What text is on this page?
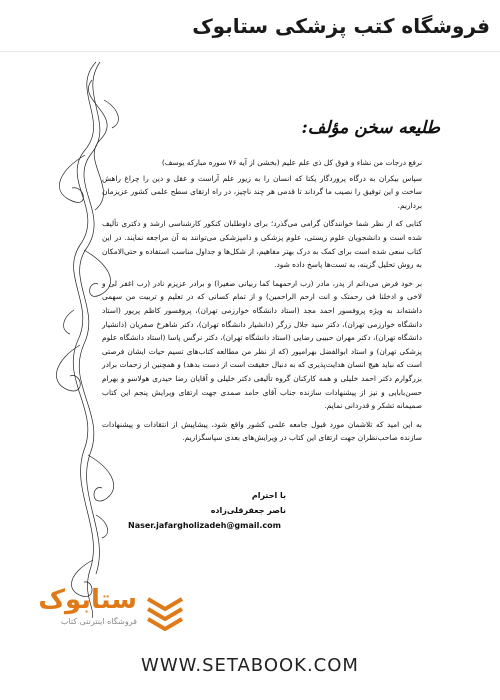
فروشگاه کتب پزشکی ستابوک
طلیعه سخن مؤلف:

نرفع درجات من نشاء و فوق کل ذی علم علیم (بخشی از آیه ۷۶ سوره مبارکه یوسف)

سپاس بیکران به درگاه پروردگار یکتا که انسان را به زیور علم آراست و عقل و دین را چراغ راهش ساخت و این توفیق را نصیب ما گرداند تا قدمی هر چند ناچیز، در راه ارتقای سطح علمی کشور عزیزمان برداریم.

کتابی که از نظر شما خوانندگان گرامی می‌گذرد؛ برای داوطلبان کنکور کارشناسی ارشد و دکتری تألیف شده است و دانشجویان علوم زیستی، علوم پزشکی و دامپزشکی می‌توانند به آن مراجعه نمایند. در این کتاب سعی شده است برای کمک به درک بهتر مفاهیم، از شکل‌ها و جداول مناسب استفاده و حتی‌الامکان به روش تحلیل گزینه، به تست‌ها پاسخ داده شود.

بر خود فرض می‌دانم از پدر، مادر (رب ارحمهما کما ربیانی صغیرا) و برادر عزیزم نادر (رب اغفر لی و لاخی و ادخلنا فی رحمتک و انت ارحم الراحمین) و از تمام کسانی که در تعلیم و تربیت من سهمی داشته‌اند به ویژه پروفسور احمد مجد (استاد دانشگاه خوارزمی تهران)، پروفسور کاظم پریور (استاد دانشگاه خوارزمی تهران)، دکتر سید جلال زرگر (دانشیار دانشگاه تهران)، دکتر شاهرخ صفریان (دانشیار دانشگاه تهران)، دکتر مهران حبیبی رضایی (استاد دانشگاه تهران)، دکتر نرگس پاسا (استاد دانشگاه علوم پزشکی تهران) و استاد ابوالفضل بهرامپور (که از نظر من مطالعه کتاب‌های تسیم حیات ایشان فرصتی است که نباید هیچ انسان هدایت‌پذیری که به دنبال حقیقت است از دست بدهد) و همچنین از زحمات برادر بزرگوارم دکتر احمد خلیلی و همه کارکنان گروه تألیفی دکتر خلیلی و آقایان رضا حیدری هولاسو و بهرام حسن‌بابایی و نیز از پیشنهادات سازنده جناب آقای حامد صمدی جهت ارتقای ویرایش پنجم این کتاب صمیمانه تشکر و قدردانی نمایم.

به این امید که تلاشمان مورد قبول جامعه علمی کشور واقع شود، پیشاپیش از انتقادات و پیشنهادات سازنده صاحب‌نظران جهت ارتقای این کتاب در ویرایش‌های بعدی سپاسگزاریم.

با احترام
ناصر جعفرقلی‌زاده
Naser.jafargholizadeh@gmail.com
ستابوک
فروشگاه اینترنتی کتاب
WWW.SETABOOK.COM
